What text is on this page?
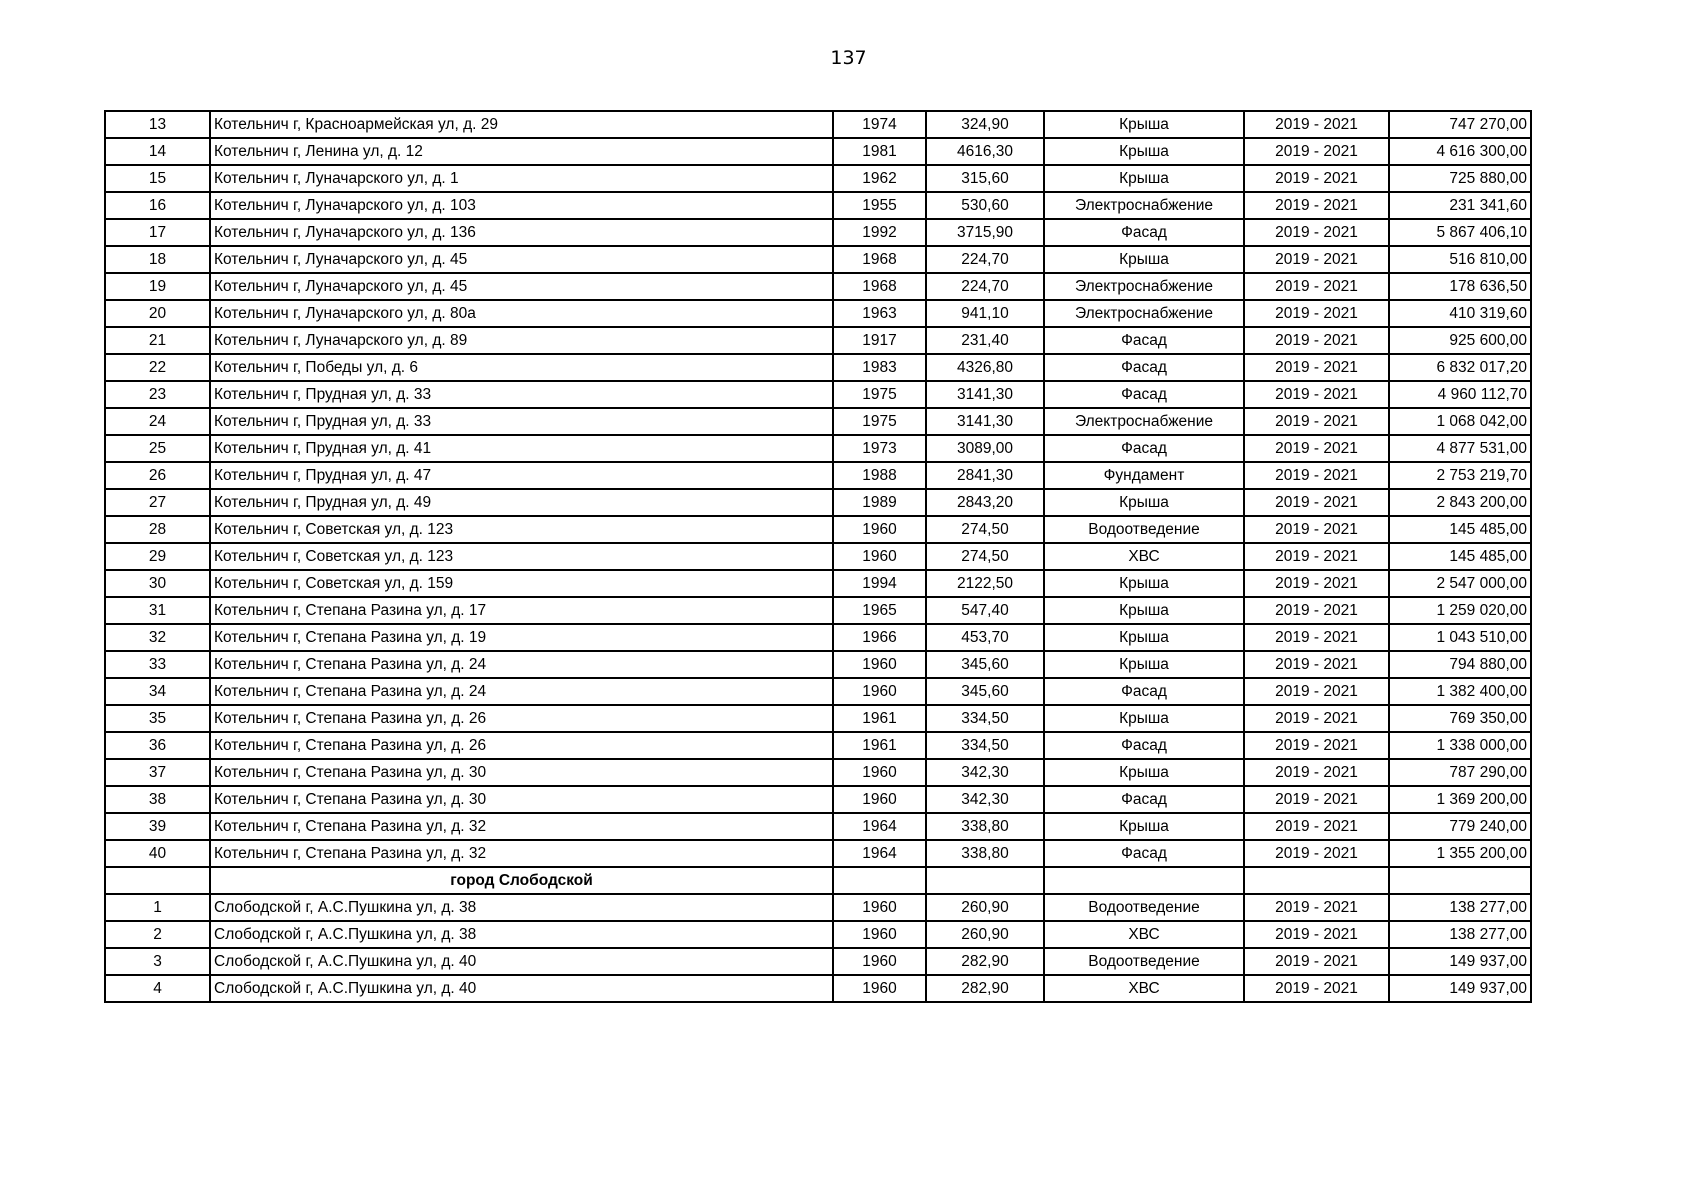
137
13	Котельнич г, Красноармейская ул, д. 29	1974	324,90	Крыша	2019 - 2021	747 270,00
14	Котельнич г, Ленина ул, д. 12	1981	4616,30	Крыша	2019 - 2021	4 616 300,00
15	Котельнич г, Луначарского ул, д. 1	1962	315,60	Крыша	2019 - 2021	725 880,00
16	Котельнич г, Луначарского ул, д. 103	1955	530,60	Электроснабжение	2019 - 2021	231 341,60
17	Котельнич г, Луначарского ул, д. 136	1992	3715,90	Фасад	2019 - 2021	5 867 406,10
18	Котельнич г, Луначарского ул, д. 45	1968	224,70	Крыша	2019 - 2021	516 810,00
19	Котельнич г, Луначарского ул, д. 45	1968	224,70	Электроснабжение	2019 - 2021	178 636,50
20	Котельнич г, Луначарского ул, д. 80а	1963	941,10	Электроснабжение	2019 - 2021	410 319,60
21	Котельнич г, Луначарского ул, д. 89	1917	231,40	Фасад	2019 - 2021	925 600,00
22	Котельнич г, Победы ул, д. 6	1983	4326,80	Фасад	2019 - 2021	6 832 017,20
23	Котельнич г, Прудная ул, д. 33	1975	3141,30	Фасад	2019 - 2021	4 960 112,70
24	Котельнич г, Прудная ул, д. 33	1975	3141,30	Электроснабжение	2019 - 2021	1 068 042,00
25	Котельнич г, Прудная ул, д. 41	1973	3089,00	Фасад	2019 - 2021	4 877 531,00
26	Котельнич г, Прудная ул, д. 47	1988	2841,30	Фундамент	2019 - 2021	2 753 219,70
27	Котельнич г, Прудная ул, д. 49	1989	2843,20	Крыша	2019 - 2021	2 843 200,00
28	Котельнич г, Советская ул, д. 123	1960	274,50	Водоотведение	2019 - 2021	145 485,00
29	Котельнич г, Советская ул, д. 123	1960	274,50	ХВС	2019 - 2021	145 485,00
30	Котельнич г, Советская ул, д. 159	1994	2122,50	Крыша	2019 - 2021	2 547 000,00
31	Котельнич г, Степана Разина ул, д. 17	1965	547,40	Крыша	2019 - 2021	1 259 020,00
32	Котельнич г, Степана Разина ул, д. 19	1966	453,70	Крыша	2019 - 2021	1 043 510,00
33	Котельнич г, Степана Разина ул, д. 24	1960	345,60	Крыша	2019 - 2021	794 880,00
34	Котельнич г, Степана Разина ул, д. 24	1960	345,60	Фасад	2019 - 2021	1 382 400,00
35	Котельнич г, Степана Разина ул, д. 26	1961	334,50	Крыша	2019 - 2021	769 350,00
36	Котельнич г, Степана Разина ул, д. 26	1961	334,50	Фасад	2019 - 2021	1 338 000,00
37	Котельнич г, Степана Разина ул, д. 30	1960	342,30	Крыша	2019 - 2021	787 290,00
38	Котельнич г, Степана Разина ул, д. 30	1960	342,30	Фасад	2019 - 2021	1 369 200,00
39	Котельнич г, Степана Разина ул, д. 32	1964	338,80	Крыша	2019 - 2021	779 240,00
40	Котельнич г, Степана Разина ул, д. 32	1964	338,80	Фасад	2019 - 2021	1 355 200,00
	город Слободской					
1	Слободской г, А.С.Пушкина ул, д. 38	1960	260,90	Водоотведение	2019 - 2021	138 277,00
2	Слободской г, А.С.Пушкина ул, д. 38	1960	260,90	ХВС	2019 - 2021	138 277,00
3	Слободской г, А.С.Пушкина ул, д. 40	1960	282,90	Водоотведение	2019 - 2021	149 937,00
4	Слободской г, А.С.Пушкина ул, д. 40	1960	282,90	ХВС	2019 - 2021	149 937,00
